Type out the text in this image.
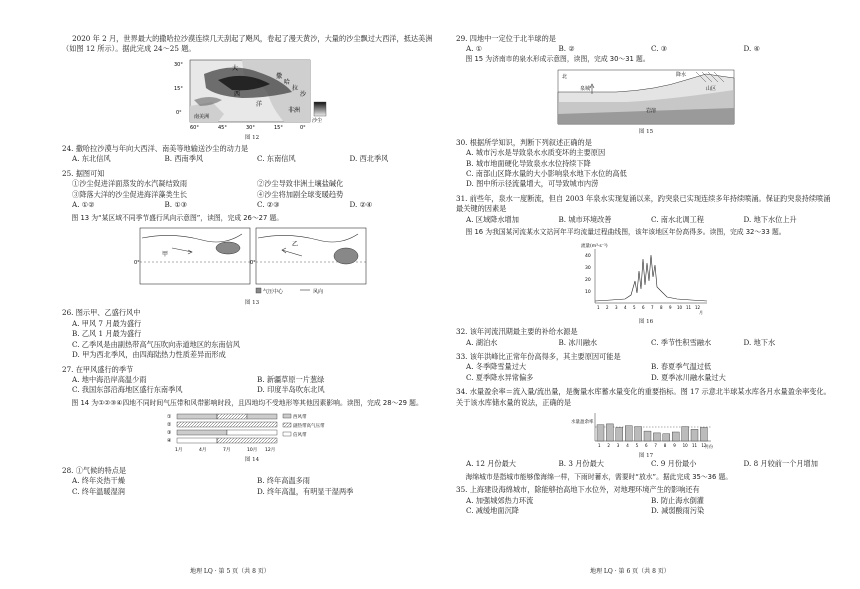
2020 年 2 月，世界最大的撒哈拉沙漠连续几天刮起了飓风，卷起了漫天黄沙，大量的沙尘飘过大西洋，抵达美洲（如图 12 所示）。据此完成 24～25 题。

30°
15°
0°
60°	45°	30°	15°	0°
大
西
洋
撒
哈
拉
沙
非洲
南美洲
沙尘
图 12

24. 撒哈拉沙漠与年向大西洋、南美等地输送沙尘的动力是

A. 东北信风	B. 西南季风	C. 东南信风	D. 西北季风

25. 据图可知

①沙尘促进洋面蒸发的水汽凝结致雨	②沙尘导致非洲土壤盐碱化
③降落大洋的沙尘促进海洋藻类生长	④沙尘将加剧全球变暖趋势
A. ①②	B. ①③	C. ②③	D. ②④

图 13 为“某区域不同季节盛行风向示意图”，读图，完成 26～27 题。

0°	0°
甲
乙
气压中心	风向
图 13

26. 图示甲、乙盛行风中

A. 甲风 7 月最为盛行

B. 乙风 1 月最为盛行

C. 乙季风是由副热带高气压吹向赤道地区的东南信风

D. 甲为西北季风，由四海陆热力性质差异而形成

27. 在甲风盛行的季节

A. 地中海沿岸高温少雨	B. 新疆草原一片葱绿
C. 我国东部沿海地区盛行东南季风	D. 印度半岛吹东北风

图 14 为①②③④四地不同时间气压带和风带影响时段，且四地均不受地形等其他因素影响。读图，完成 28～29 题。

①
②
③
④
1月	4月	7月	10月 12月
西风带
副热带高气压带
信风带
图 14

28. ①气候的特点是

A. 终年炎热干燥	B. 终年高温多雨
C. 终年温暖湿润	D. 终年高温，有明显干湿两季
地理 LQ · 第 5 页（共 8 页）

29. 四地中一定位于北半球的是

A. ①	B. ②	C. ③	D. ④

图 15 为济南市的泉水形成示意图，读图，完成 30～31 题。

北
泉城	山区
岩溶
降水
图 15

30. 根据所学知识，判断下列叙述正确的是

A. 城市污水是导致泉水水质变坏的主要原因

B. 城市地面硬化导致泉水水位持续下降

C. 南部山区降水量的大小影响泉水地下水位的高低

D. 图中所示径流量增大，可导致城市内涝

31. 前些年，泉水一度断流，但自 2003 年泉水实现复涌以来，趵突泉已实现连续多年持续喷涌。保证趵突泉持续喷涌最关键的因素是

A. 区域降水增加	B. 城市环境改善	C. 南水北调工程	D. 地下水位上升

图 16 为我国某河流某水文站河年平均流量过程曲线图，该年该地区年份高得多。读图，完成 32～33 题。

流量(m³·s⁻¹)
40
30
20
10
1 2 3 4 5 6 7 8 9 10 11 12
月
图 16

32. 该年河流汛期最主要的补给水源是

A. 湖泊水	B. 冰川融水	C. 季节性积雪融水	D. 地下水

33. 该年洪峰比正常年份高得多，其主要原因可能是

A. 冬季降雪量过大	B. 春夏季气温过低
C. 夏季降水异常偏多	D. 夏季冰川融水量过大

34. 水量盈余率＝流入量/流出量，是衡量水库蓄水量变化的重要指标。图 17 示意北半球某水库各月水量盈余率变化。关于该水库储水量的说法，正确的是

水量盈余率
1 2 3 4 5 6 7 8 9 10 11 12
月份
图 17
A. 12 月份最大	B. 3 月份最大	C. 9 月份最小	D. 8 月较前一个月增加

海绵城市是指城市能够像海绵一样，下雨时蓄水，需要时“放水”。据此完成 35～36 题。

35. 上海建设海绵城市，除能够抬高地下水位外，对地理环境产生的影响还有

A. 加强城郊热力环流	B. 防止海水倒灌
C. 减缓地面沉降	D. 减弱酸雨污染
地理 LQ · 第 6 页（共 8 页）
